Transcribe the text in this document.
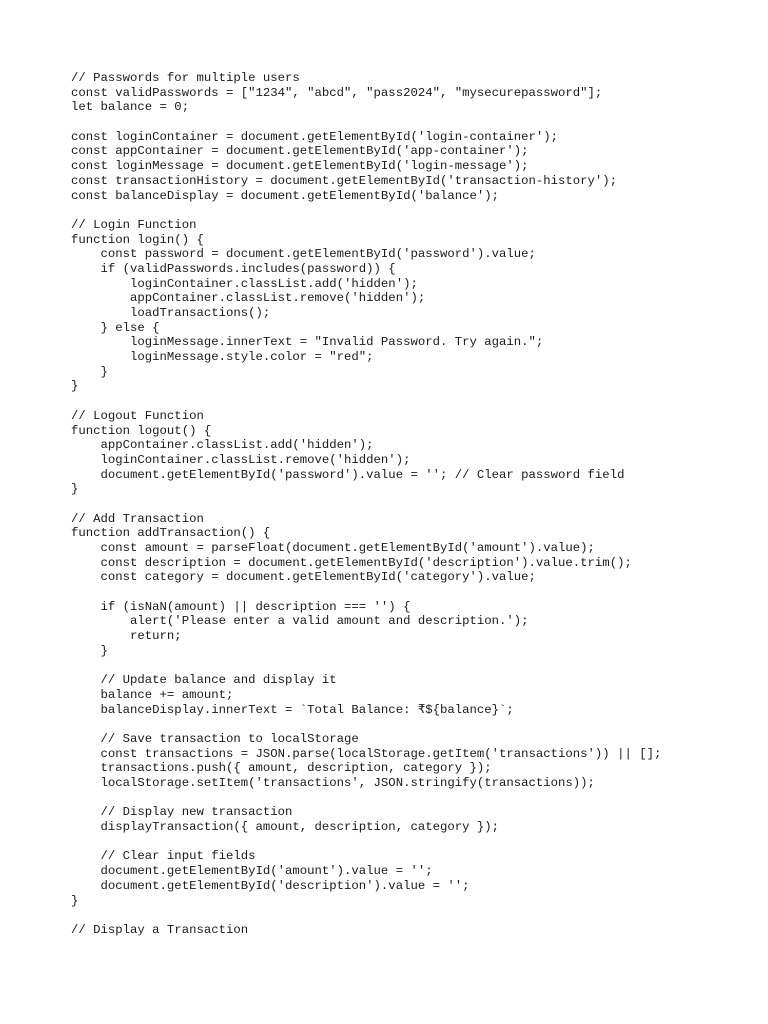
// Passwords for multiple users
const validPasswords = ["1234", "abcd", "pass2024", "mysecurepassword"];
let balance = 0;
const loginContainer = document.getElementById('login-container');
const appContainer = document.getElementById('app-container');
const loginMessage = document.getElementById('login-message');
const transactionHistory = document.getElementById('transaction-history');
const balanceDisplay = document.getElementById('balance');
// Login Function
function login() {
const password = document.getElementById('password').value;
if (validPasswords.includes(password)) {
loginContainer.classList.add('hidden');
appContainer.classList.remove('hidden');
loadTransactions();
} else {
loginMessage.innerText = "Invalid Password. Try again.";
loginMessage.style.color = "red";
}
}
// Logout Function
function logout() {
appContainer.classList.add('hidden');
loginContainer.classList.remove('hidden');
document.getElementById('password').value = ''; // Clear password field
}
// Add Transaction
function addTransaction() {
const amount = parseFloat(document.getElementById('amount').value);
const description = document.getElementById('description').value.trim();
const category = document.getElementById('category').value;
if (isNaN(amount) || description === '') {
alert('Please enter a valid amount and description.');
return;
}
// Update balance and display it
balance += amount;
balanceDisplay.innerText = `Total Balance: ₹${balance}`;
// Save transaction to localStorage
const transactions = JSON.parse(localStorage.getItem('transactions')) || [];
transactions.push({ amount, description, category });
localStorage.setItem('transactions', JSON.stringify(transactions));
// Display new transaction
displayTransaction({ amount, description, category });
// Clear input fields
document.getElementById('amount').value = '';
document.getElementById('description').value = '';
}
// Display a Transaction
